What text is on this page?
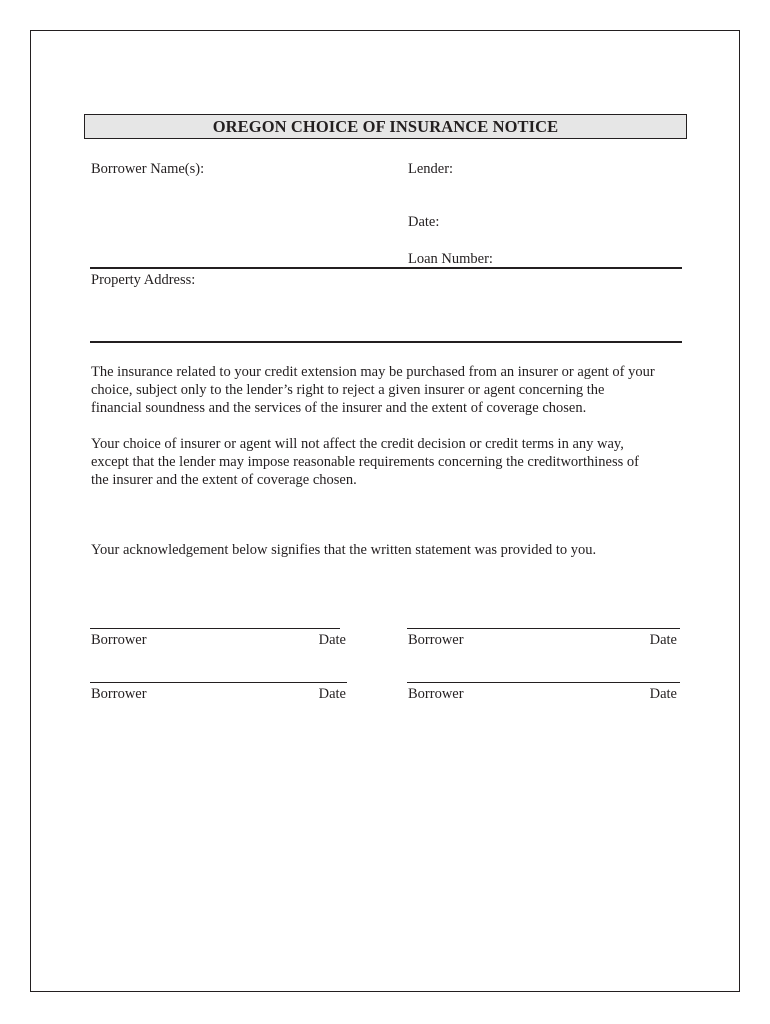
OREGON CHOICE OF INSURANCE NOTICE
Borrower Name(s):	Lender:
Date:
Loan Number:
Property Address:
The insurance related to your credit extension may be purchased from an insurer or agent of your
choice, subject only to the lender’s right to reject a given insurer or agent concerning the
financial soundness and the services of the insurer and the extent of coverage chosen.
Your choice of insurer or agent will not affect the credit decision or credit terms in any way,
except that the lender may impose reasonable requirements concerning the creditworthiness of
the insurer and the extent of coverage chosen.
Your acknowledgement below signifies that the written statement was provided to you.
Borrower	Date	Borrower	Date
Borrower	Date	Borrower	Date
